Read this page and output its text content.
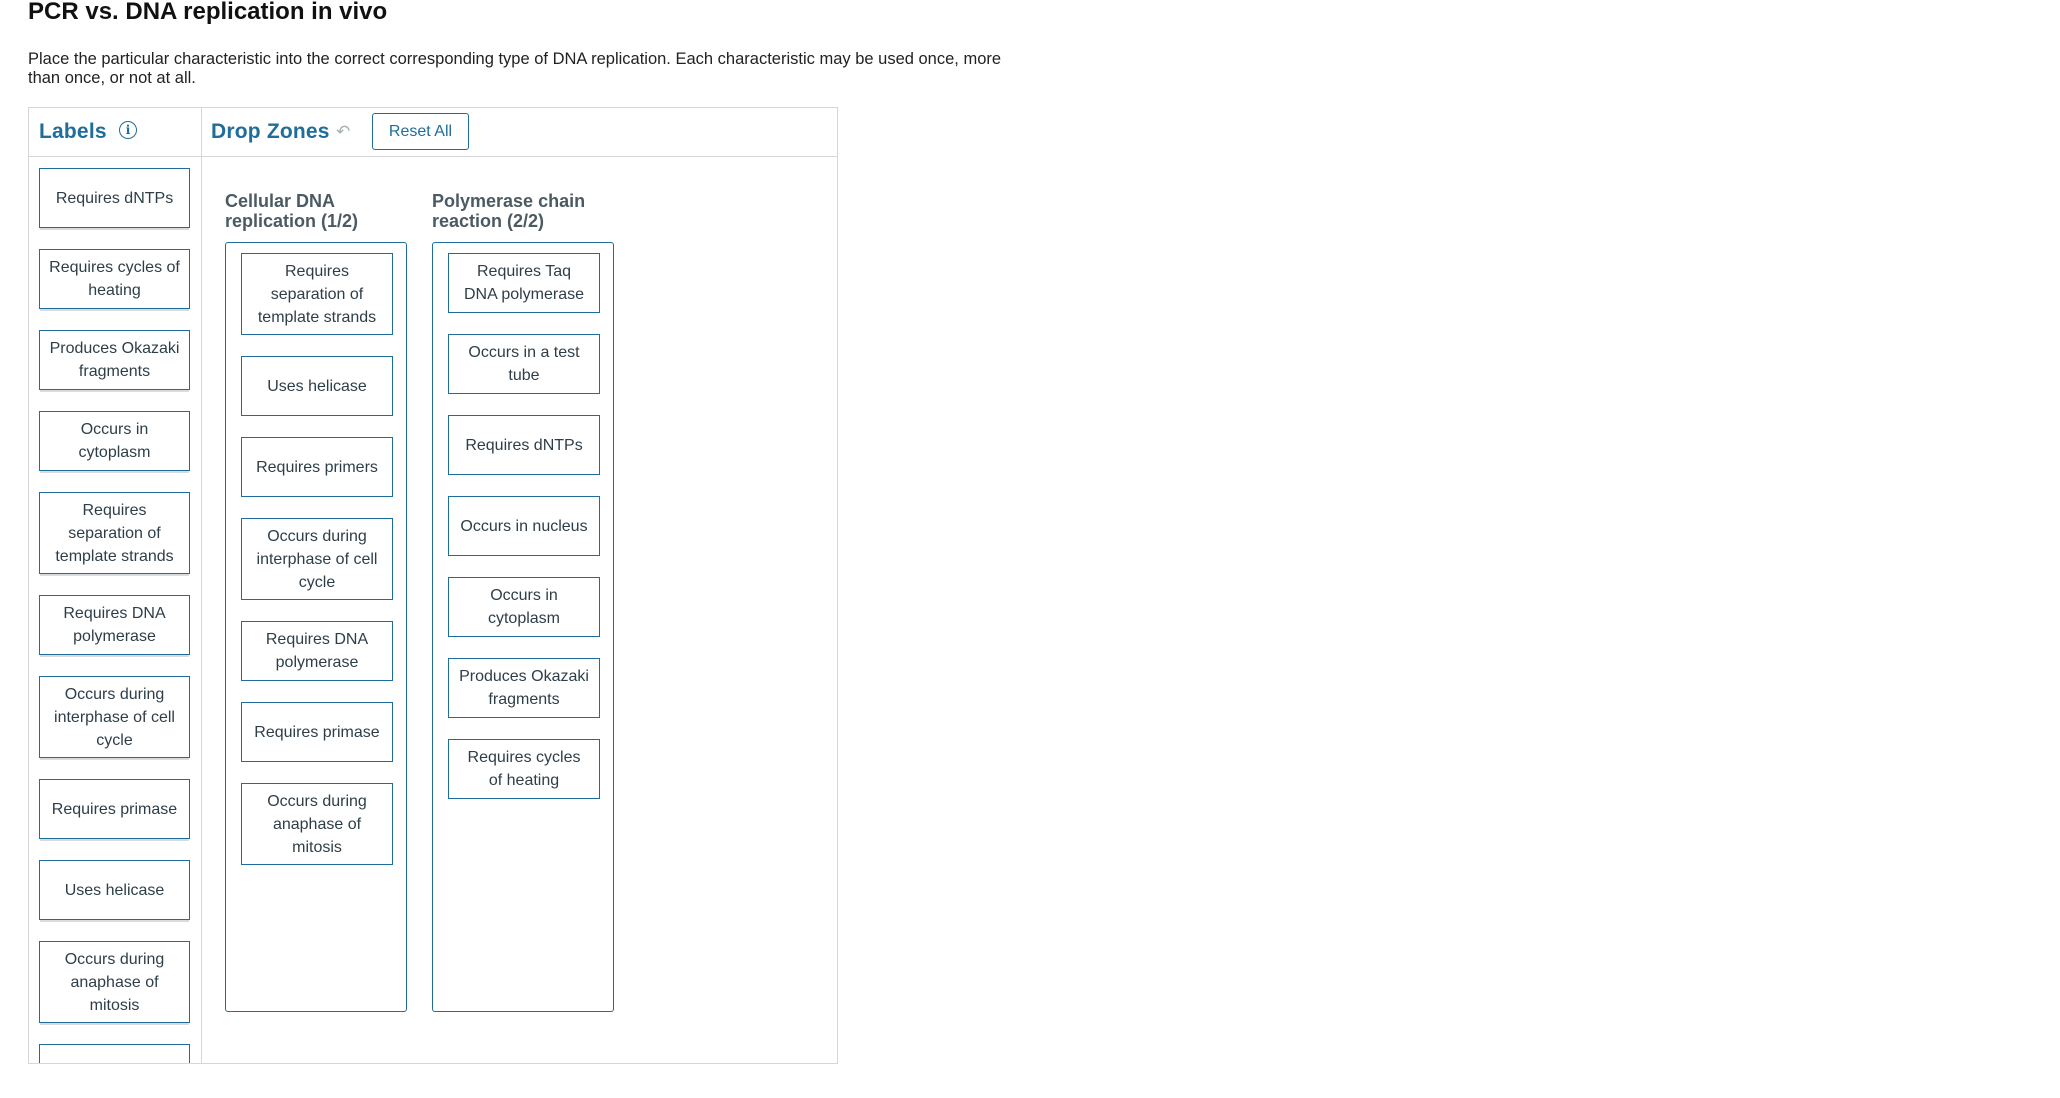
PCR vs. DNA replication in vivo
Place the particular characteristic into the correct corresponding type of DNA replication. Each characteristic may be used once, more than once, or not at all.
Labels	i
Requires dNTPs
Requires cycles of heating
Produces Okazaki fragments
Occurs in cytoplasm
Requires separation of template strands
Requires DNA polymerase
Occurs during interphase of cell cycle
Requires primase
Uses helicase
Occurs during anaphase of mitosis
Drop Zones ↶	Reset All
Cellular DNA replication (1/2)
Requires separation of template strands
Uses helicase
Requires primers
Occurs during interphase of cell cycle
Requires DNA polymerase
Requires primase
Occurs during anaphase of mitosis
Polymerase chain reaction (2/2)
Requires Taq DNA polymerase
Occurs in a test tube
Requires dNTPs
Occurs in nucleus
Occurs in cytoplasm
Produces Okazaki fragments
Requires cycles of heating
